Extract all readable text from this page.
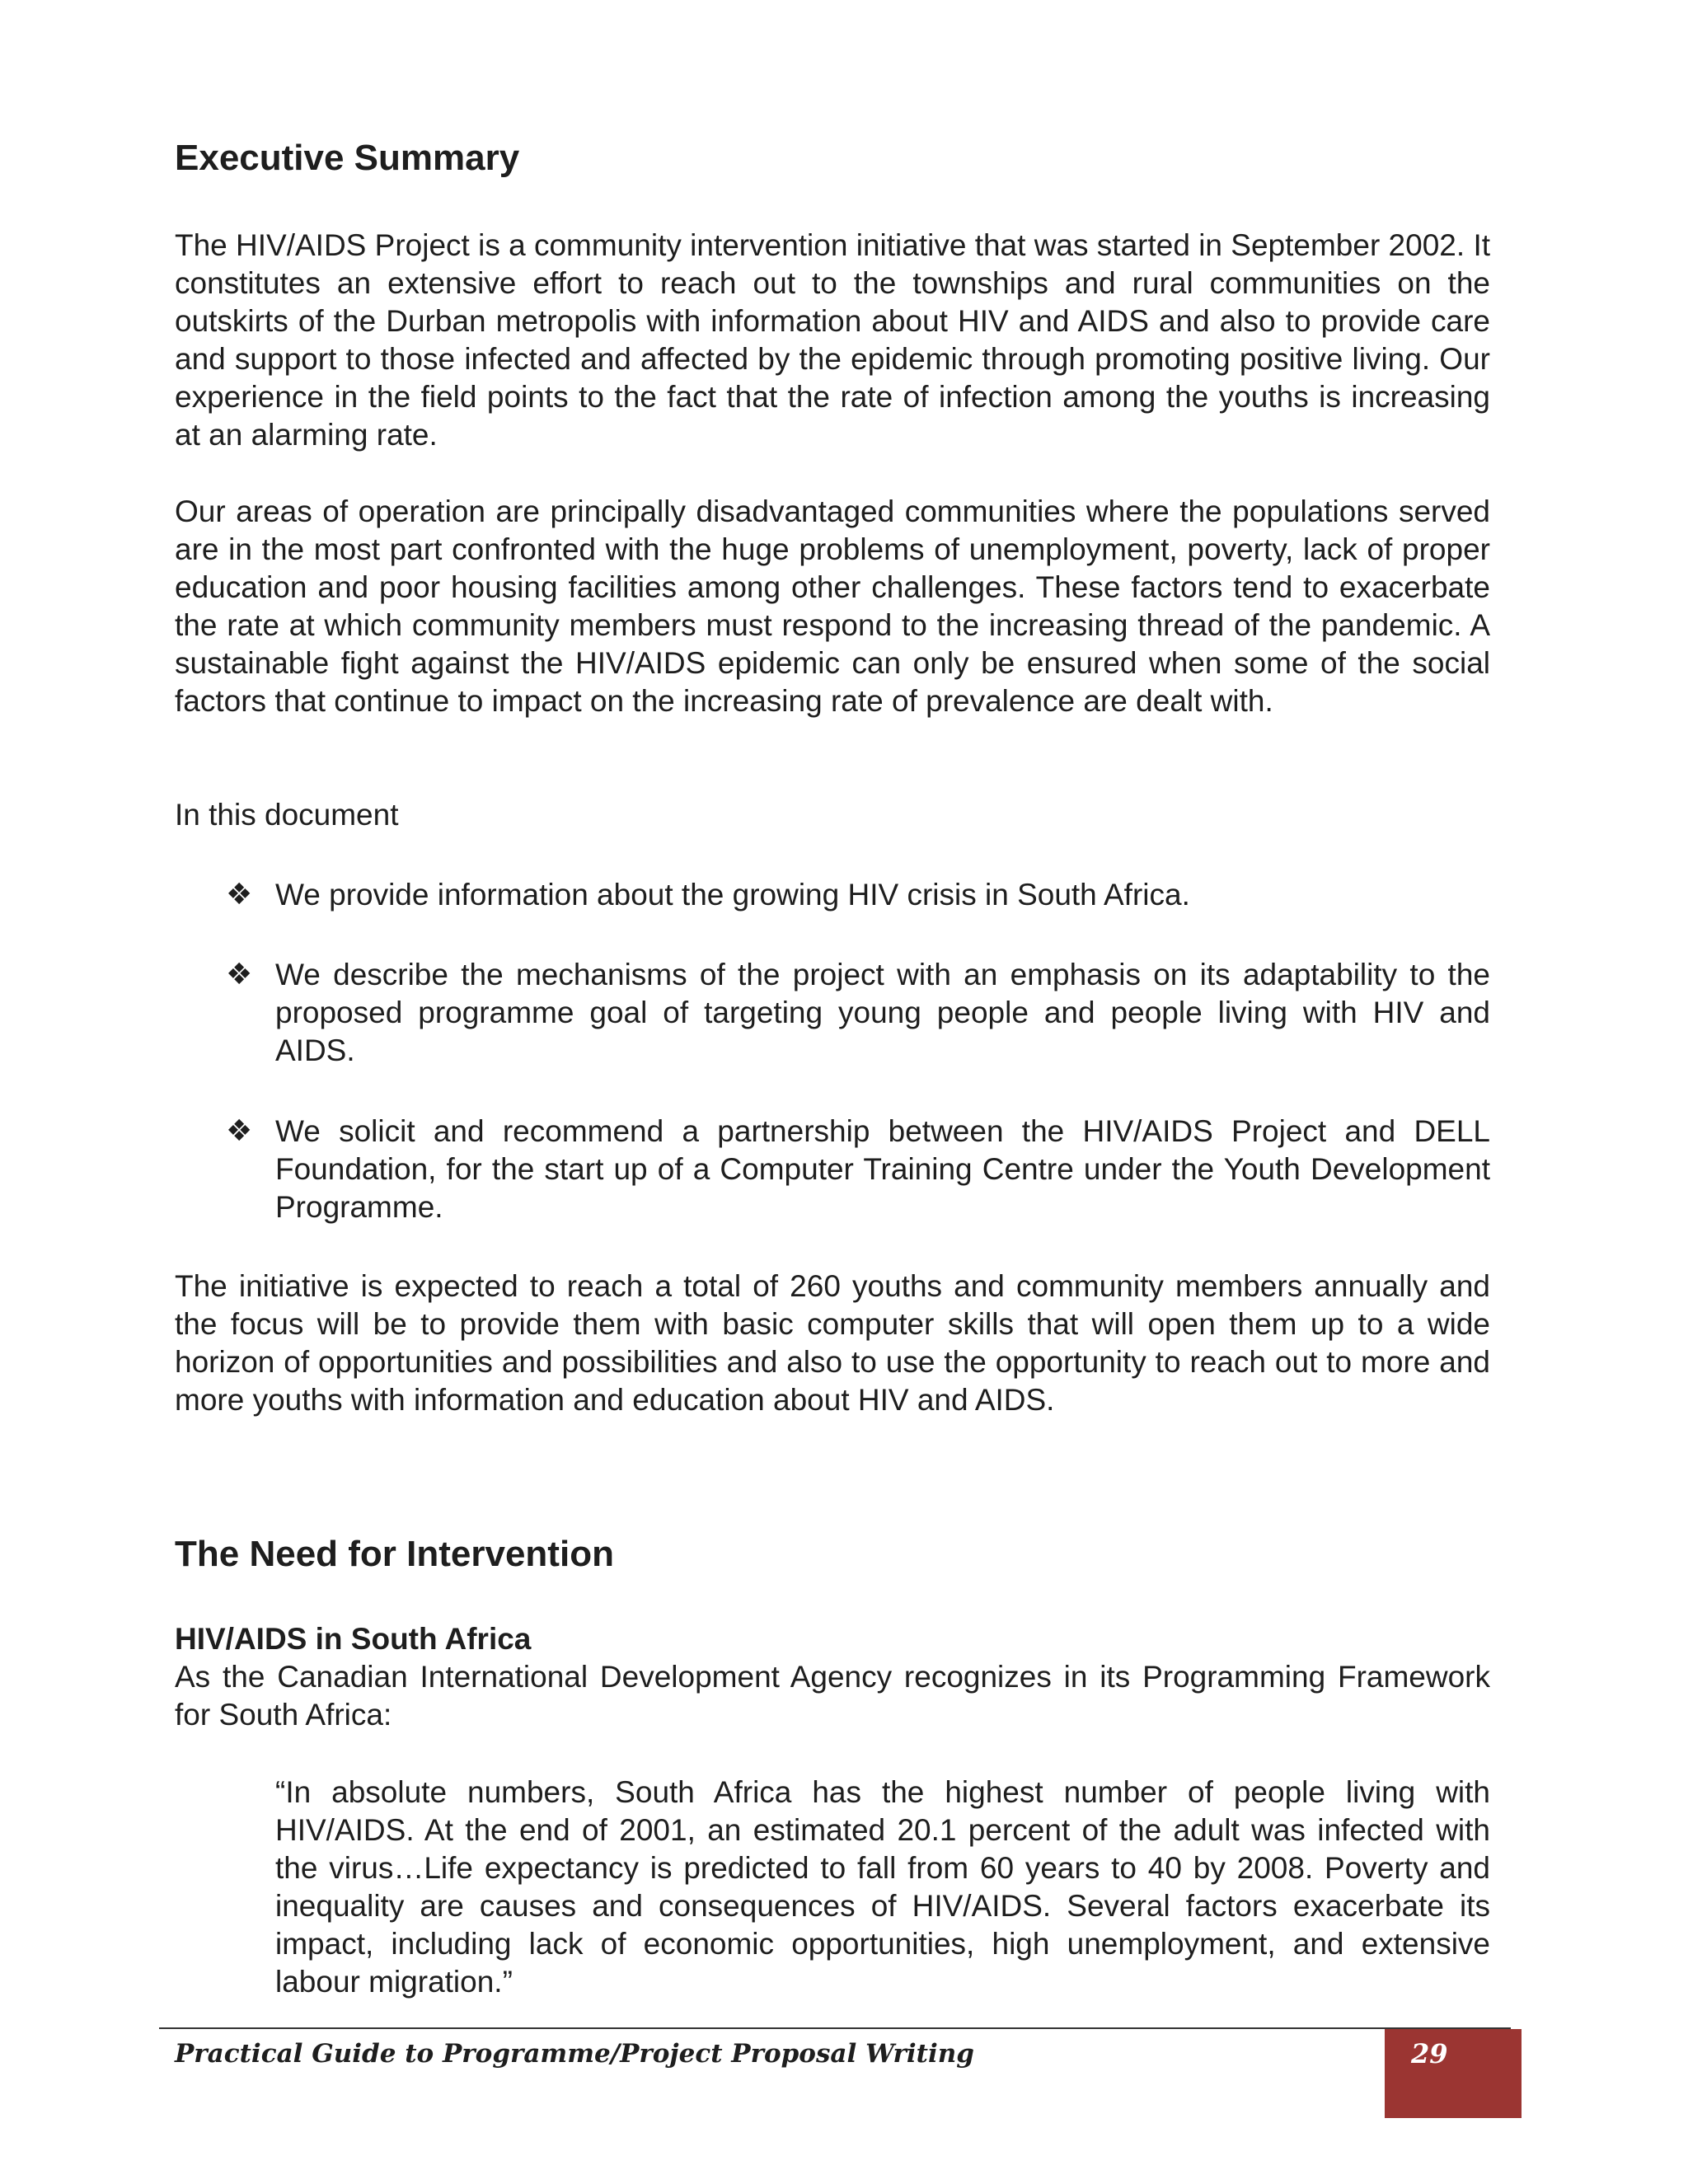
Executive Summary

The HIV/AIDS Project is a community intervention initiative that was started in September 2002. It constitutes an extensive effort to reach out to the townships and rural communities on the outskirts of the Durban metropolis with information about HIV and AIDS and also to provide care and support to those infected and affected by the epidemic through promoting positive living. Our experience in the field points to the fact that the rate of infection among the youths is increasing at an alarming rate.

Our areas of operation are principally disadvantaged communities where the populations served are in the most part confronted with the huge problems of unemployment, poverty, lack of proper education and poor housing facilities among other challenges. These factors tend to exacerbate the rate at which community members must respond to the increasing thread of the pandemic. A sustainable fight against the HIV/AIDS epidemic can only be ensured when some of the social factors that continue to impact on the increasing rate of prevalence are dealt with.

In this document

❖ We provide information about the growing HIV crisis in South Africa.
❖ We describe the mechanisms of the project with an emphasis on its adaptability to the proposed programme goal of targeting young people and people living with HIV and AIDS.
❖ We solicit and recommend a partnership between the HIV/AIDS Project and DELL Foundation, for the start up of a Computer Training Centre under the Youth Development Programme.

The initiative is expected to reach a total of 260 youths and community members annually and the focus will be to provide them with basic computer skills that will open them up to a wide horizon of opportunities and possibilities and also to use the opportunity to reach out to more and more youths with information and education about HIV and AIDS.

The Need for Intervention
HIV/AIDS in South Africa

As the Canadian International Development Agency recognizes in its Programming Framework for South Africa:

“In absolute numbers, South Africa has the highest number of people living with HIV/AIDS. At the end of 2001, an estimated 20.1 percent of the adult was infected with the virus…Life expectancy is predicted to fall from 60 years to 40 by 2008. Poverty and inequality are causes and consequences of HIV/AIDS. Several factors exacerbate its impact, including lack of economic opportunities, high unemployment, and extensive labour migration.”
Practical Guide to Programme/Project Proposal Writing	29
